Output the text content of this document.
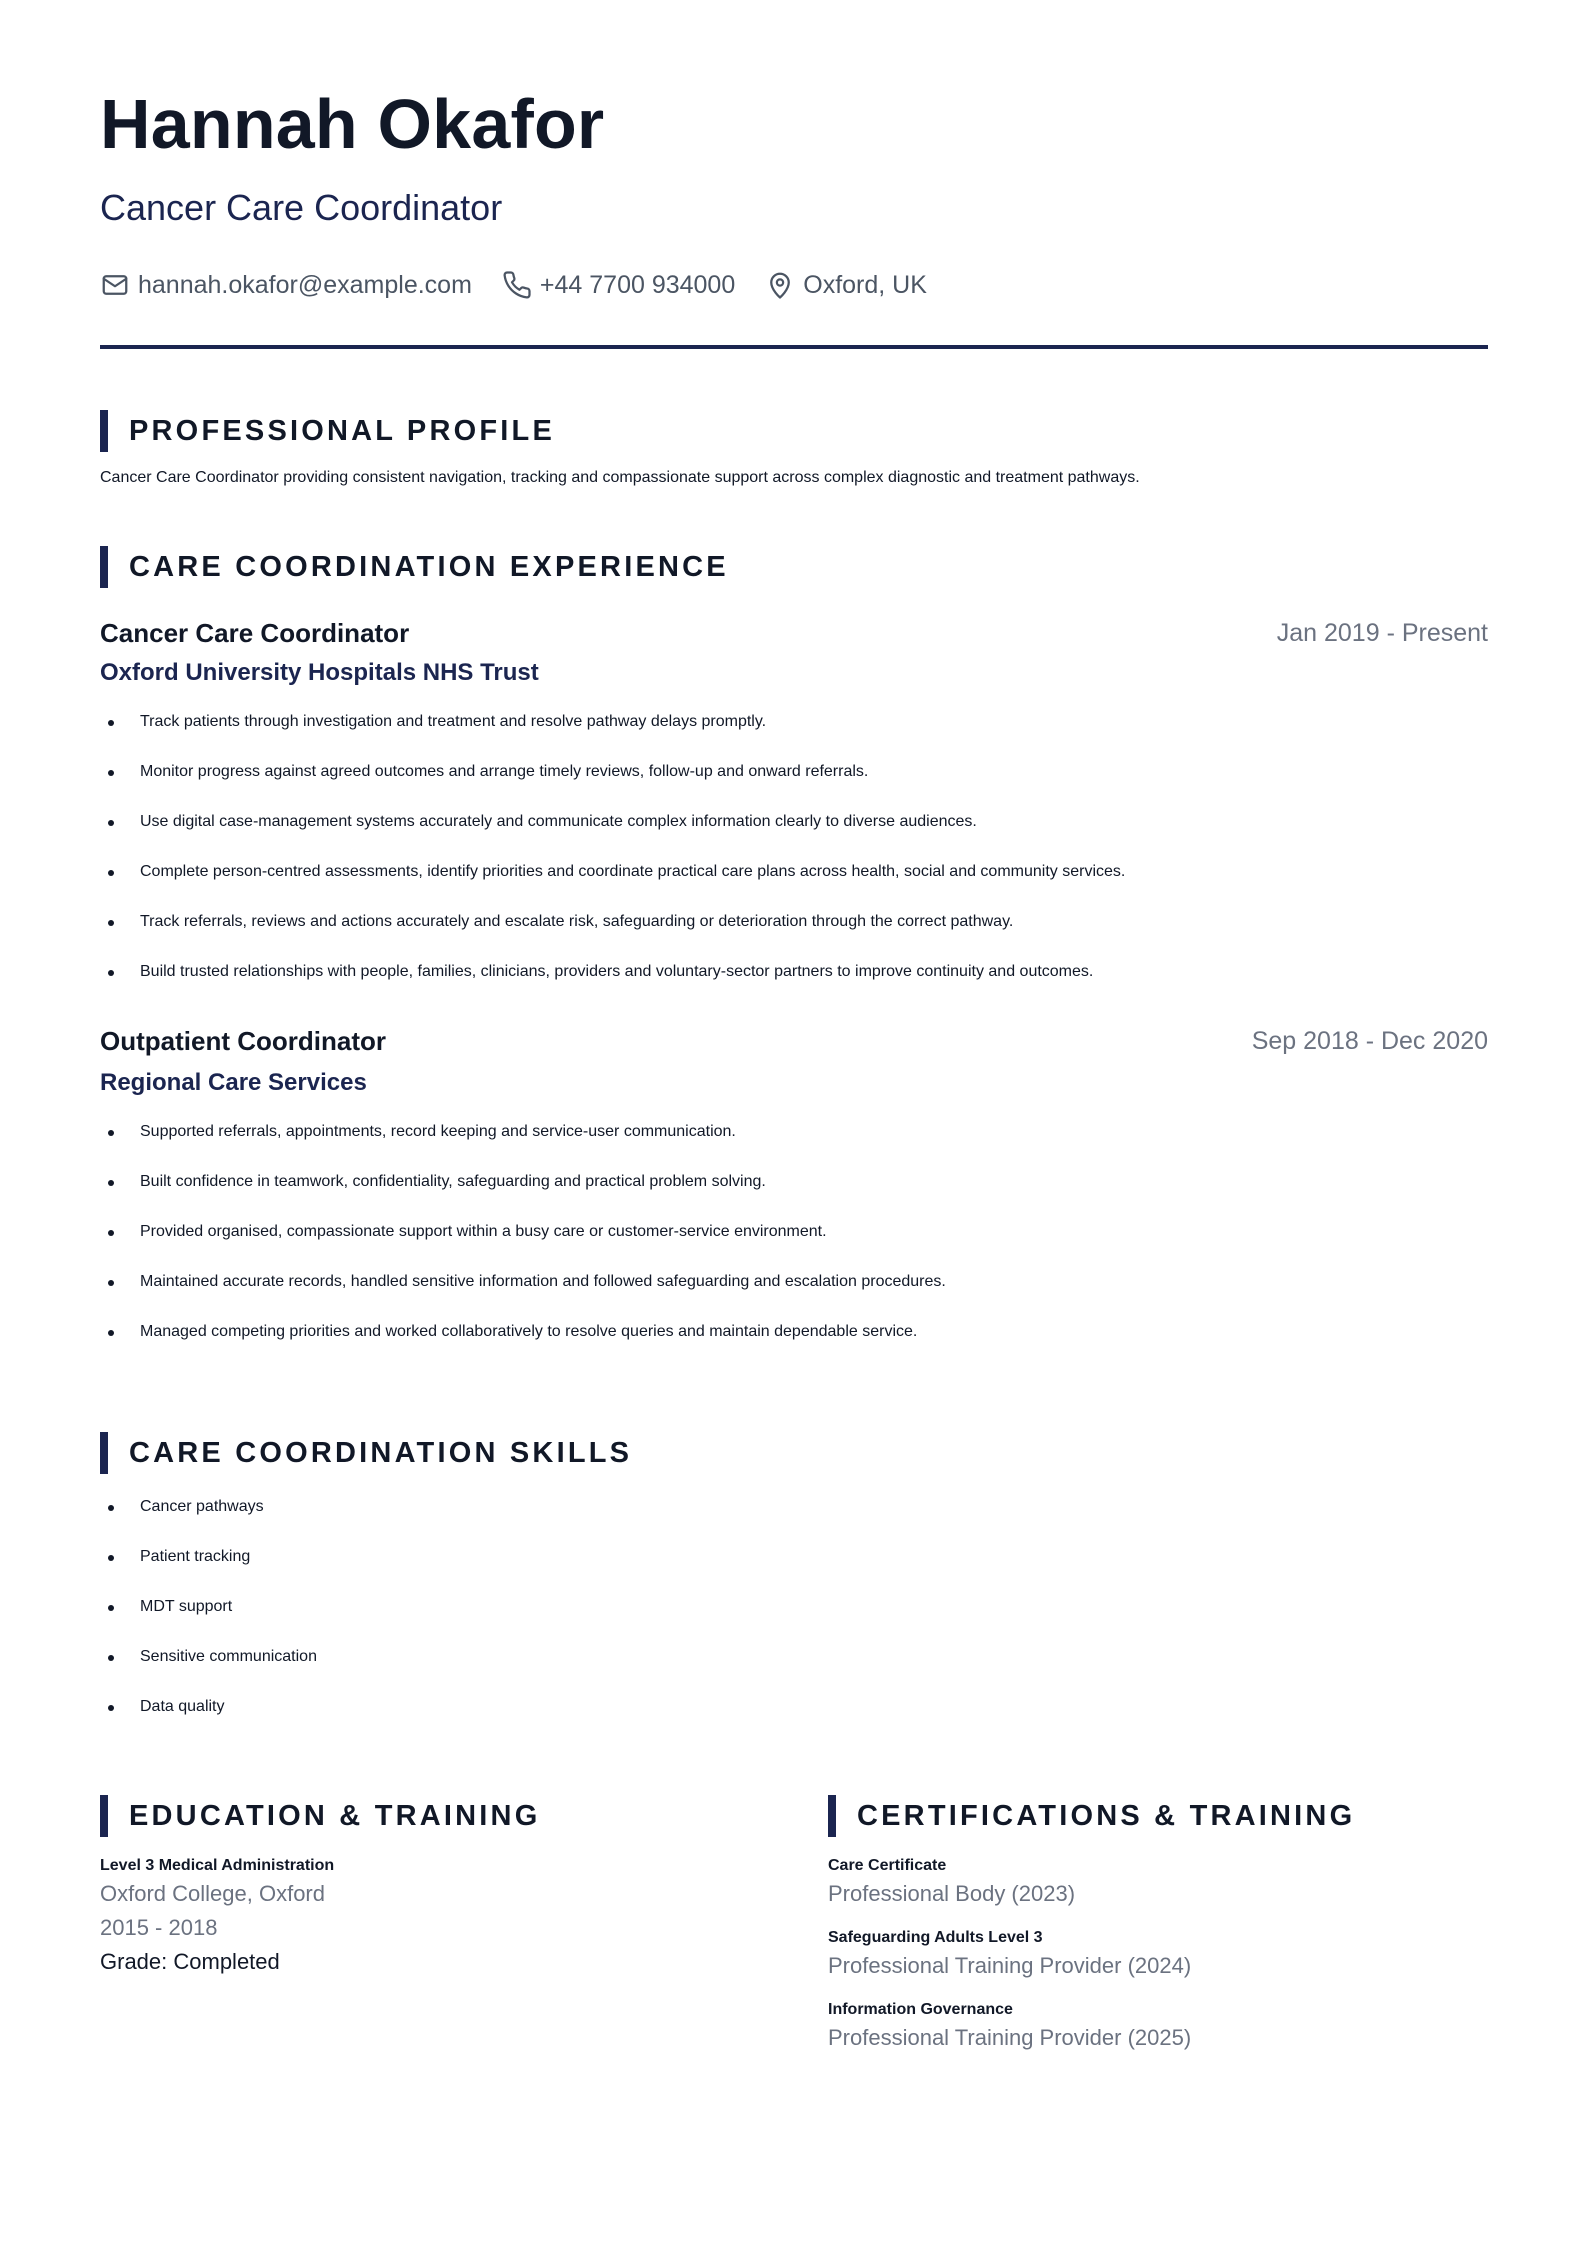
Hannah Okafor
Cancer Care Coordinator
hannah.okafor@example.com	+44 7700 934000	Oxford, UK
PROFESSIONAL PROFILE

Cancer Care Coordinator providing consistent navigation, tracking and compassionate support across complex diagnostic and treatment pathways.

CARE COORDINATION EXPERIENCE
Cancer Care Coordinator	Jan 2019 - Present
Oxford University Hospitals NHS Trust
Track patients through investigation and treatment and resolve pathway delays promptly.
Monitor progress against agreed outcomes and arrange timely reviews, follow-up and onward referrals.
Use digital case-management systems accurately and communicate complex information clearly to diverse audiences.
Complete person-centred assessments, identify priorities and coordinate practical care plans across health, social and community services.
Track referrals, reviews and actions accurately and escalate risk, safeguarding or deterioration through the correct pathway.
Build trusted relationships with people, families, clinicians, providers and voluntary-sector partners to improve continuity and outcomes.
Outpatient Coordinator	Sep 2018 - Dec 2020
Regional Care Services
Supported referrals, appointments, record keeping and service-user communication.
Built confidence in teamwork, confidentiality, safeguarding and practical problem solving.
Provided organised, compassionate support within a busy care or customer-service environment.
Maintained accurate records, handled sensitive information and followed safeguarding and escalation procedures.
Managed competing priorities and worked collaboratively to resolve queries and maintain dependable service.
CARE COORDINATION SKILLS
Cancer pathways
Patient tracking
MDT support
Sensitive communication
Data quality
EDUCATION & TRAINING
Level 3 Medical Administration
Oxford College, Oxford
2015 - 2018
Grade: Completed
CERTIFICATIONS & TRAINING
Care Certificate
Professional Body (2023)
Safeguarding Adults Level 3
Professional Training Provider (2024)
Information Governance
Professional Training Provider (2025)
